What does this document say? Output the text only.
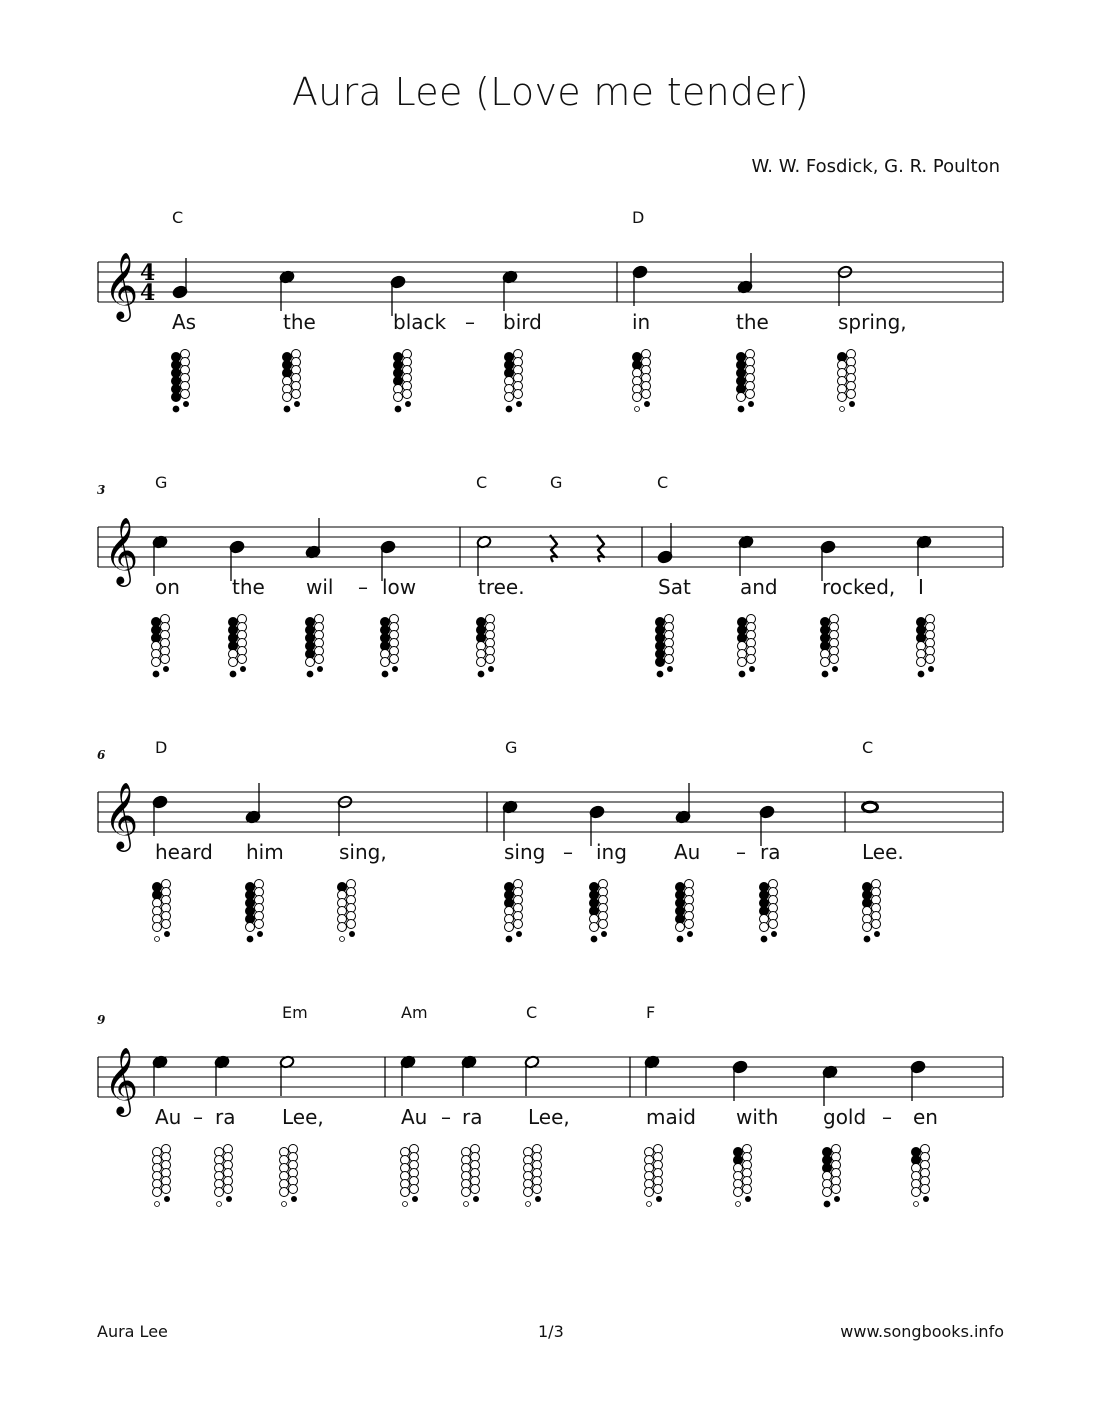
Aura Lee (Love me tender)
W. W. Fosdick, G. R. Poulton
𝄞 4
4
C	D
As	the	black – bird	in	the	spring,
𝄞
G	C	G	C
3
on	the wil – low	tree.	Sat and rocked, I
𝄞
D	G	C
6
heard him	sing,	sing – ing Au – ra	Lee.
𝄞
Em	Am	C	F
9
Au – ra Lee,	Au – ra Lee,	maid with gold – en
Aura Lee	1/3	www.songbooks.info
